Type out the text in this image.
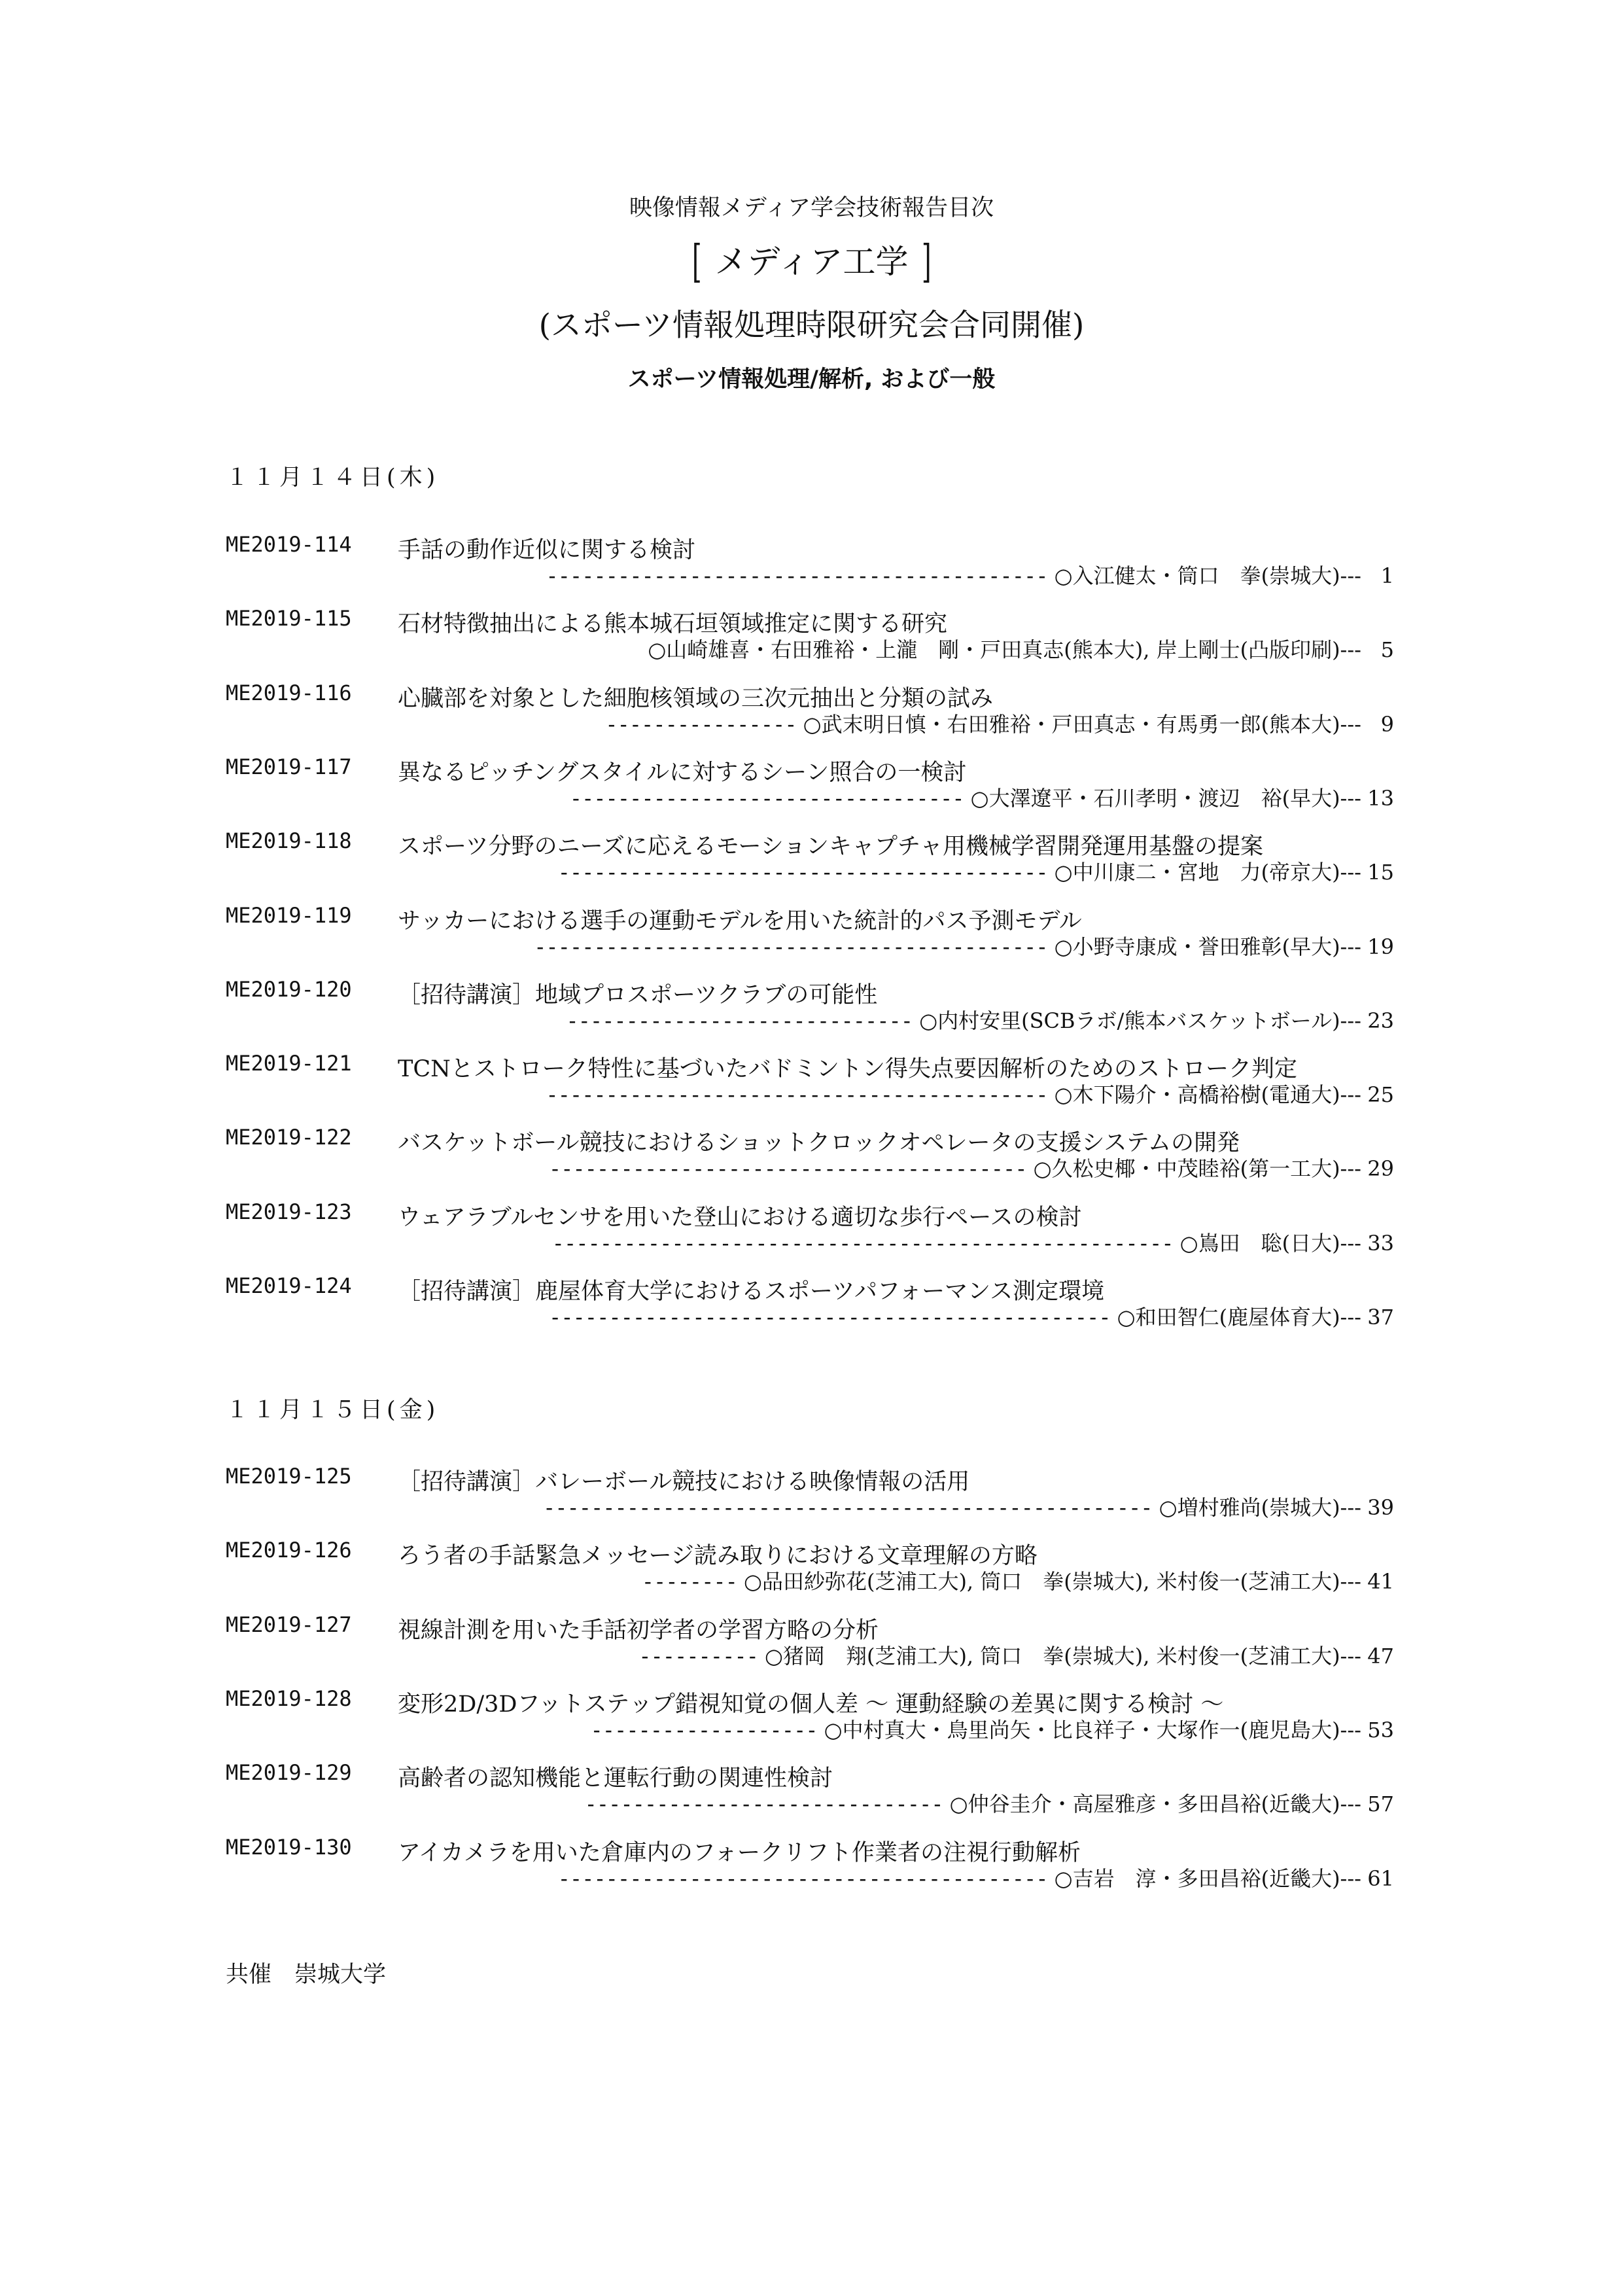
映像情報メディア学会技術報告目次
[ メディア工学 ]
(スポーツ情報処理時限研究会合同開催)
スポーツ情報処理/解析, および一般
１１月１４日(木)
ME2019-114 手話の動作近似に関する検討
------------------------------------------ ○入江健太・筒口　拳(崇城大)--- 1
ME2019-115 石材特徴抽出による熊本城石垣領域推定に関する研究
○山崎雄喜・右田雅裕・上瀧　剛・戸田真志(熊本大), 岸上剛士(凸版印刷)--- 5
ME2019-116 心臓部を対象とした細胞核領域の三次元抽出と分類の試み
---------------- ○武末明日慎・右田雅裕・戸田真志・有馬勇一郎(熊本大)--- 9
ME2019-117 異なるピッチングスタイルに対するシーン照合の一検討
--------------------------------- ○大澤遼平・石川孝明・渡辺　裕(早大)--- 13
ME2019-118 スポーツ分野のニーズに応えるモーションキャプチャ用機械学習開発運用基盤の提案
----------------------------------------- ○中川康二・宮地　力(帝京大)--- 15
ME2019-119 サッカーにおける選手の運動モデルを用いた統計的パス予測モデル
------------------------------------------- ○小野寺康成・誉田雅彰(早大)--- 19
ME2019-120 ［招待講演］地域プロスポーツクラブの可能性
----------------------------- ○内村安里(SCBラボ/熊本バスケットボール)--- 23
ME2019-121 TCNとストローク特性に基づいたバドミントン得失点要因解析のためのストローク判定
------------------------------------------ ○木下陽介・高橋裕樹(電通大)--- 25
ME2019-122 バスケットボール競技におけるショットクロックオペレータの支援システムの開発
---------------------------------------- ○久松史椰・中茂睦裕(第一工大)--- 29
ME2019-123 ウェアラブルセンサを用いた登山における適切な歩行ペースの検討
---------------------------------------------------- ○嶌田　聡(日大)--- 33
ME2019-124 ［招待講演］鹿屋体育大学におけるスポーツパフォーマンス測定環境
----------------------------------------------- ○和田智仁(鹿屋体育大)--- 37
１１月１５日(金)
ME2019-125 ［招待講演］バレーボール競技における映像情報の活用
--------------------------------------------------- ○増村雅尚(崇城大)--- 39
ME2019-126 ろう者の手話緊急メッセージ読み取りにおける文章理解の方略
-------- ○品田紗弥花(芝浦工大), 筒口　拳(崇城大), 米村俊一(芝浦工大)--- 41
ME2019-127 視線計測を用いた手話初学者の学習方略の分析
---------- ○猪岡　翔(芝浦工大), 筒口　拳(崇城大), 米村俊一(芝浦工大)--- 47
ME2019-128 変形2D/3Dフットステップ錯視知覚の個人差 ～ 運動経験の差異に関する検討 ～
------------------- ○中村真大・鳥里尚矢・比良祥子・大塚作一(鹿児島大)--- 53
ME2019-129 高齢者の認知機能と運転行動の関連性検討
------------------------------ ○仲谷圭介・高屋雅彦・多田昌裕(近畿大)--- 57
ME2019-130 アイカメラを用いた倉庫内のフォークリフト作業者の注視行動解析
----------------------------------------- ○吉岩　淳・多田昌裕(近畿大)--- 61
共催　崇城大学
